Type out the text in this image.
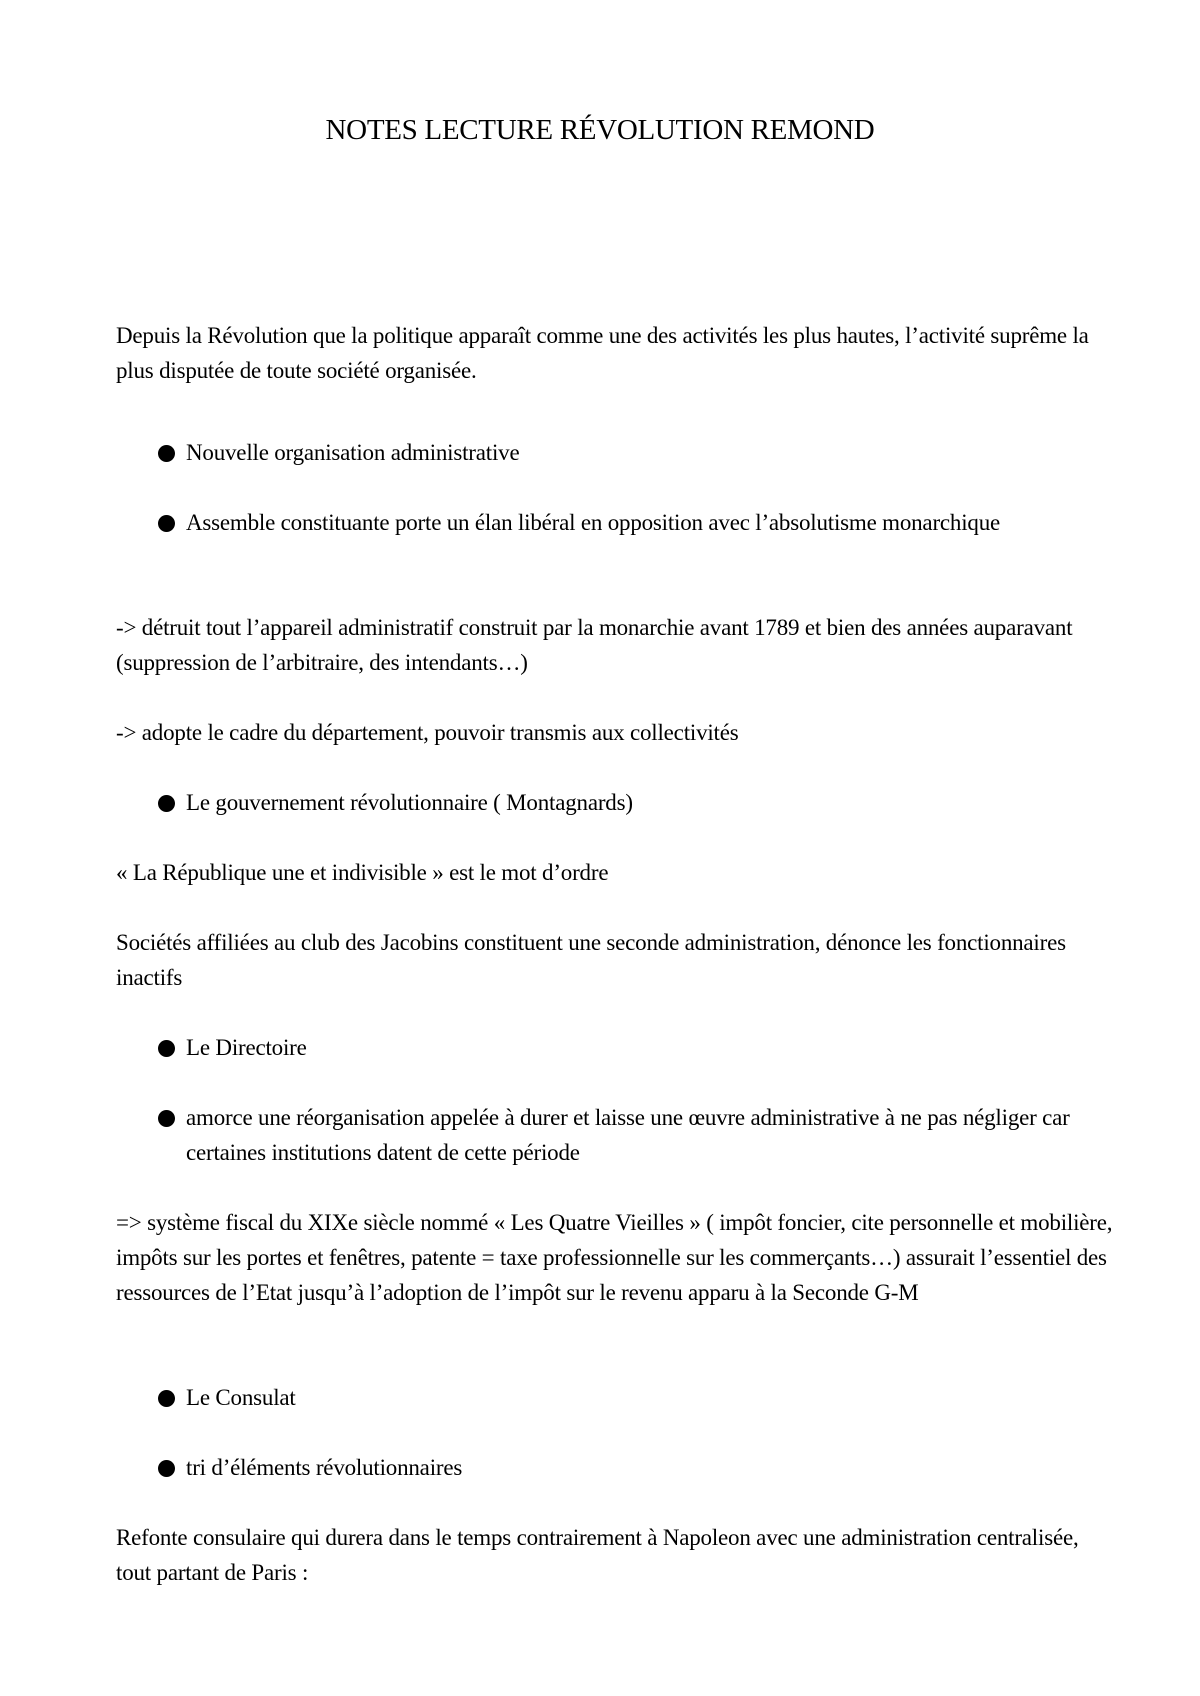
NOTES LECTURE RÉVOLUTION REMOND

Depuis la Révolution que la politique apparaît comme une des activités les plus hautes, l’activité suprême la plus disputée de toute société organisée.

Nouvelle organisation administrative
Assemble constituante porte un élan libéral en opposition avec l’absolutisme monarchique

-> détruit tout l’appareil administratif construit par la monarchie avant 1789 et bien des années auparavant (suppression de l’arbitraire, des intendants…)

-> adopte le cadre du département, pouvoir transmis aux collectivités

Le gouvernement révolutionnaire ( Montagnards)

« La République une et indivisible » est le mot d’ordre

Sociétés affiliées au club des Jacobins constituent une seconde administration, dénonce les fonctionnaires inactifs

Le Directoire
amorce une réorganisation appelée à durer et laisse une œuvre administrative à ne pas négliger car certaines institutions datent de cette période

=> système fiscal du XIXe siècle nommé « Les Quatre Vieilles » ( impôt foncier, cite personnelle et mobilière, impôts sur les portes et fenêtres, patente = taxe professionnelle sur les commerçants…) assurait l’essentiel des ressources de l’Etat jusqu’à l’adoption de l’impôt sur le revenu apparu à la Seconde G-M

Le Consulat
tri d’éléments révolutionnaires

Refonte consulaire qui durera dans le temps contrairement à Napoleon avec une administration centralisée, tout partant de Paris :
